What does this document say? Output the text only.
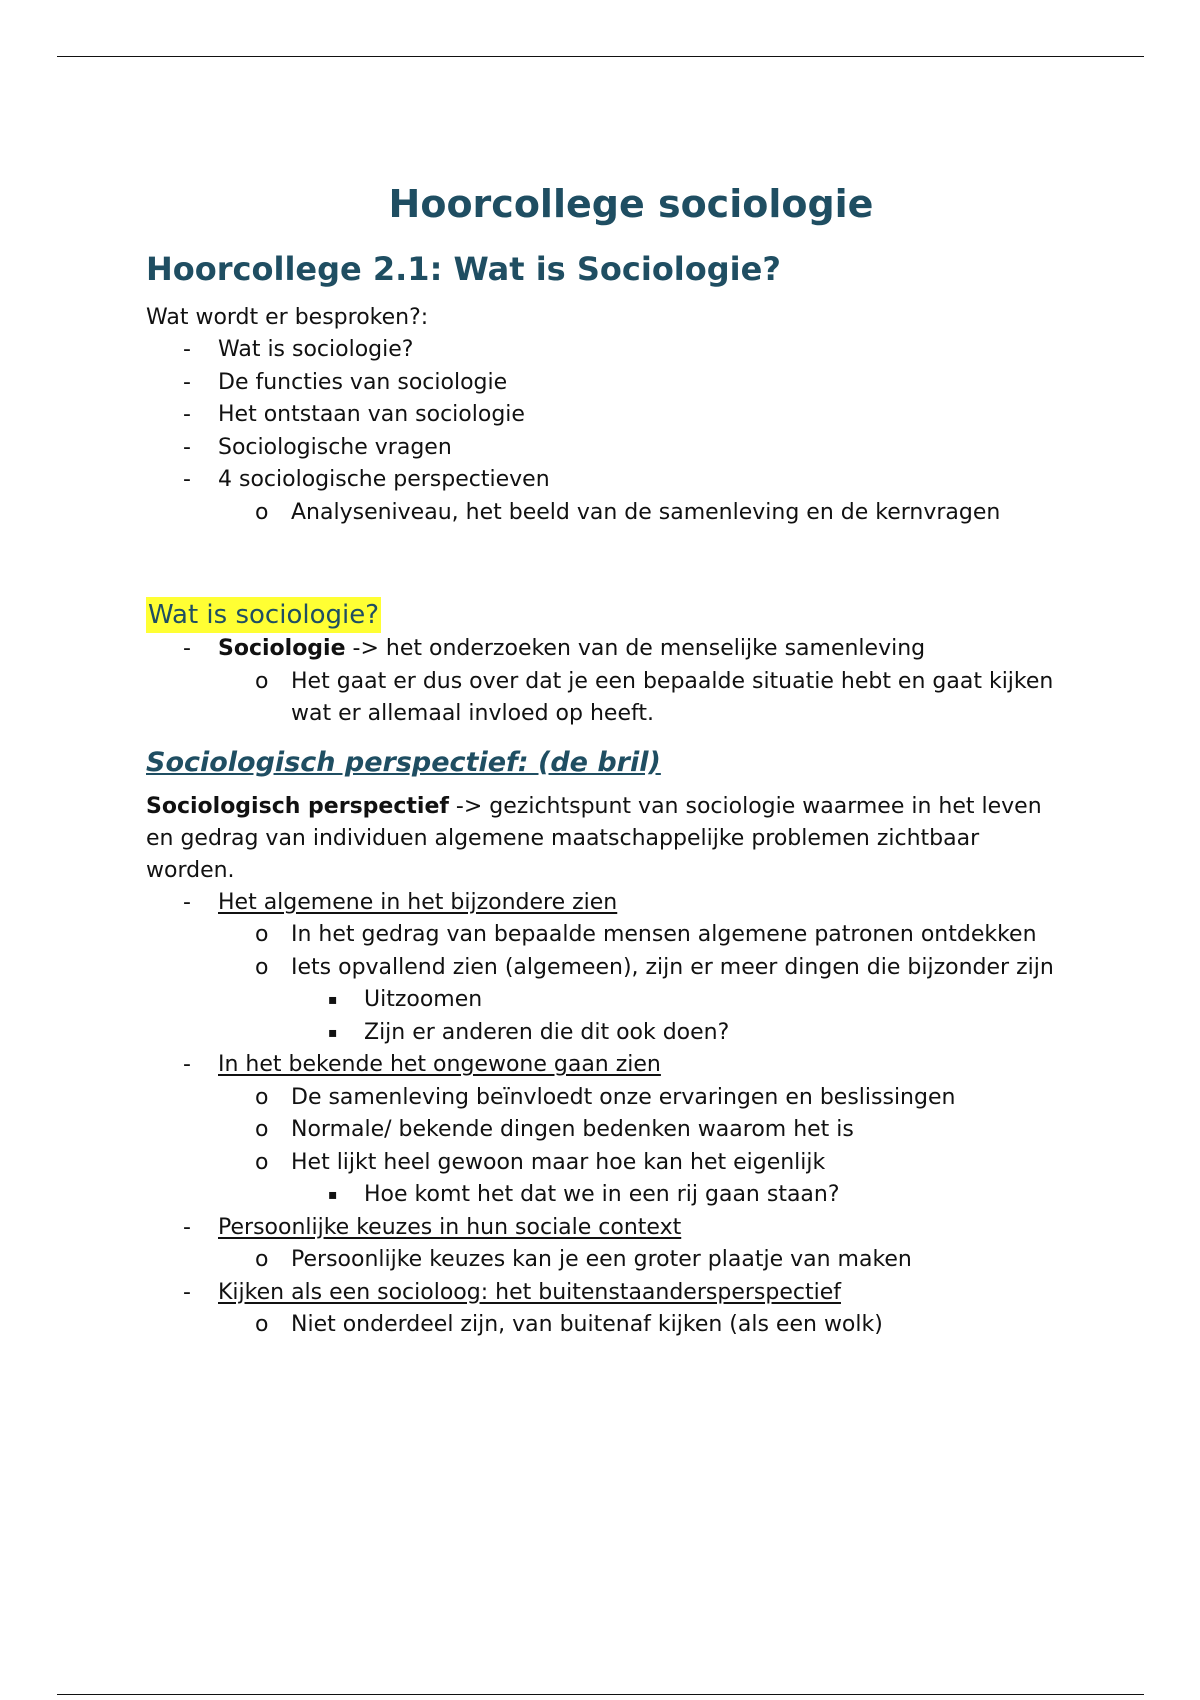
Hoorcollege sociologie
Hoorcollege 2.1: Wat is Sociologie?

Wat wordt er besproken?:

- Wat is sociologie?
- De functies van sociologie
- Het ontstaan van sociologie
- Sociologische vragen
- 4 sociologische perspectieven
o Analyseniveau, het beeld van de samenleving en de kernvragen
Wat is sociologie?
- Sociologie -> het onderzoeken van de menselijke samenleving
o Het gaat er dus over dat je een bepaalde situatie hebt en gaat kijken wat er allemaal invloed op heeft.
Sociologisch perspectief: (de bril)

Sociologisch perspectief -> gezichtspunt van sociologie waarmee in het leven en gedrag van individuen algemene maatschappelijke problemen zichtbaar worden.

- Het algemene in het bijzondere zien
o In het gedrag van bepaalde mensen algemene patronen ontdekken
o Iets opvallend zien (algemeen), zijn er meer dingen die bijzonder zijn
▪ Uitzoomen
▪ Zijn er anderen die dit ook doen?
- In het bekende het ongewone gaan zien
o De samenleving beïnvloedt onze ervaringen en beslissingen
o Normale/ bekende dingen bedenken waarom het is
o Het lijkt heel gewoon maar hoe kan het eigenlijk
▪ Hoe komt het dat we in een rij gaan staan?
- Persoonlijke keuzes in hun sociale context
o Persoonlijke keuzes kan je een groter plaatje van maken
- Kijken als een socioloog: het buitenstaandersperspectief
o Niet onderdeel zijn, van buitenaf kijken (als een wolk)
